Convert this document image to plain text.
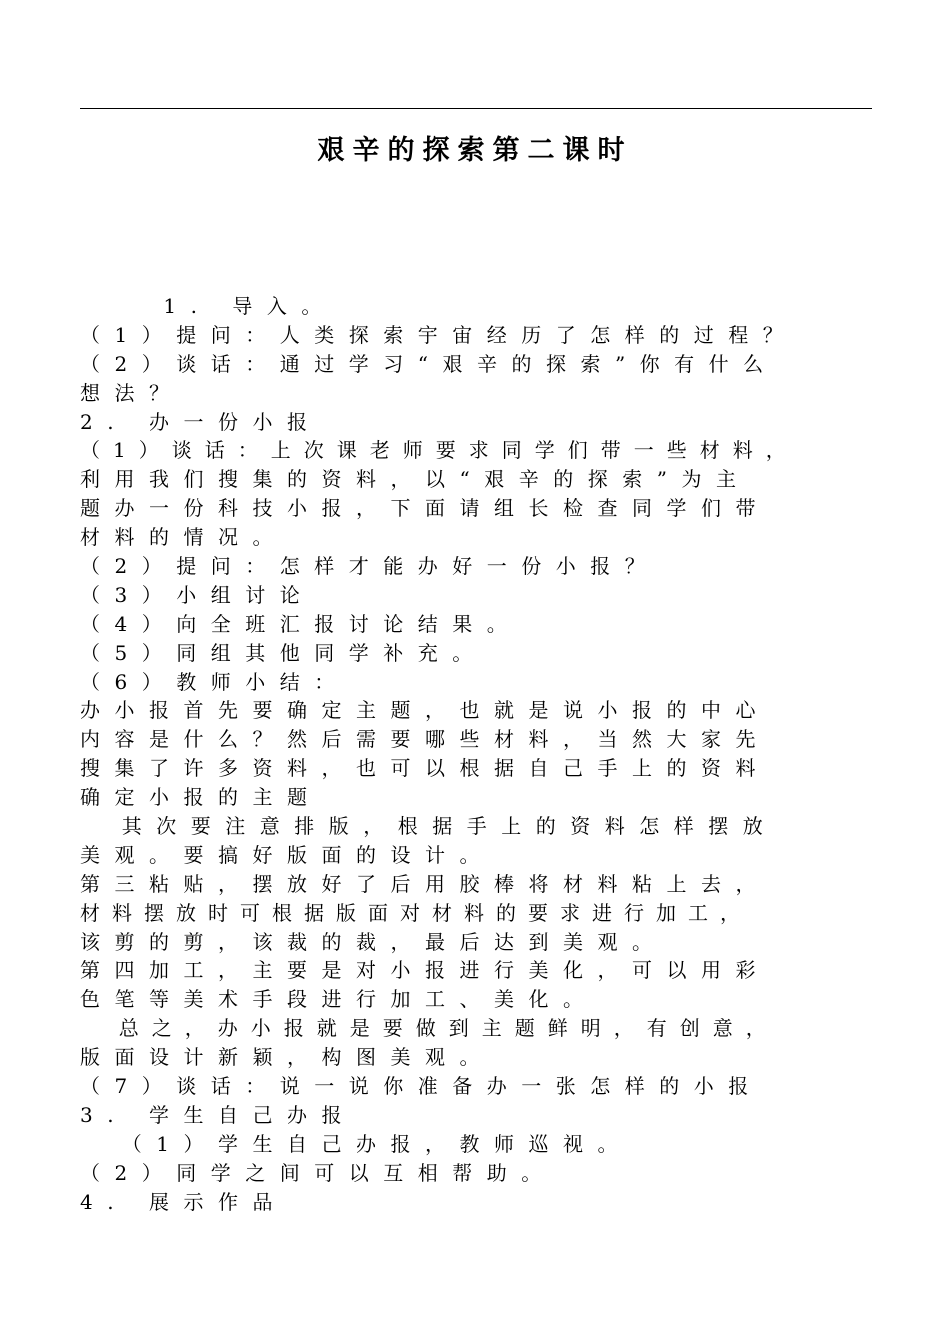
艰辛的探索第二课时
1. 导入。
（1）提问：人类探索宇宙经历了怎样的过程？
（2）谈话：通过学习“艰辛的探索”你有什么
想法？
2. 办一份小报
（1）谈话：上次课老师要求同学们带一些材料，
利用我们搜集的资料，以“艰辛的探索”为主
题办一份科技小报，下面请组长检查同学们带
材料的情况。
（2）提问：怎样才能办好一份小报？
（3）小组讨论
（4）向全班汇报讨论结果。
（5）同组其他同学补充。
（6）教师小结：
办小报首先要确定主题，也就是说小报的中心
内容是什么？然后需要哪些材料，当然大家先
搜集了许多资料，也可以根据自己手上的资料
确定小报的主题
其次要注意排版，根据手上的资料怎样摆放
美观。要搞好版面的设计。
第三粘贴，摆放好了后用胶棒将材料粘上去，
材料摆放时可根据版面对材料的要求进行加工，
该剪的剪，该裁的裁，最后达到美观。
第四加工，主要是对小报进行美化，可以用彩
色笔等美术手段进行加工、美化。
总之，办小报就是要做到主题鲜明，有创意，
版面设计新颖，构图美观。
（7）谈话：说一说你准备办一张怎样的小报
3. 学生自己办报
（1）学生自己办报，教师巡视。
（2）同学之间可以互相帮助。
4. 展示作品
